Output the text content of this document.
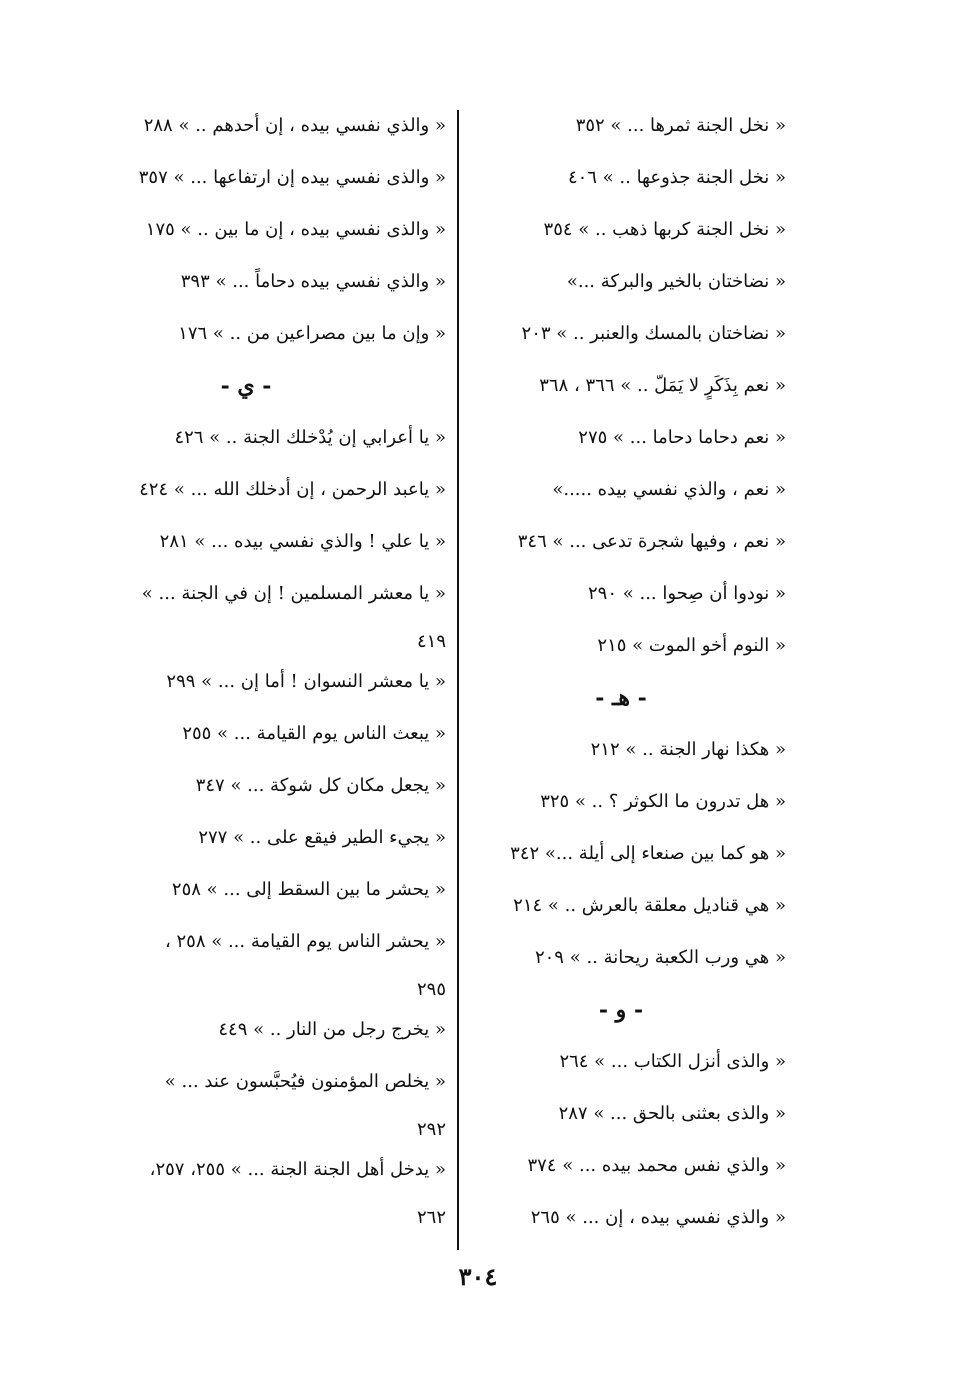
« نخل الجنة ثمرها ... » ٣٥٢
« نخل الجنة جذوعها .. » ٤٠٦
« نخل الجنة كربها ذهب .. » ٣٥٤
« نضاختان بالخير والبركة ...»
« نضاختان بالمسك والعنبر .. » ٢٠٣
« نعم بِذَكَرٍ لا يَمَلّ .. » ٣٦٦ ، ٣٦٨
« نعم دحاما دحاما ... » ٢٧٥
« نعم ، والذي نفسي بيده .....»
« نعم ، وفيها شجرة تدعى ... » ٣٤٦
« نودوا أن صِحوا ... » ٢٩٠
« النوم أخو الموت » ٢١٥
- هـ -
« هكذا نهار الجنة .. » ٢١٢
« هل تدرون ما الكوثر ؟ .. » ٣٢٥
« هو كما بين صنعاء إلى أيلة ...» ٣٤٢
« هي قناديل معلقة بالعرش .. » ٢١٤
« هي ورب الكعبة ريحانة .. » ٢٠٩
- و -
« والذى أنزل الكتاب ... » ٢٦٤
« والذى بعثنى بالحق ... » ٢٨٧
« والذي نفس محمد بيده ... » ٣٧٤
« والذي نفسي بيده ، إن ... » ٢٦٥
« والذي نفسي بيده ، إن أحدهم .. » ٢٨٨
« والذى نفسي بيده إن ارتفاعها ... » ٣٥٧
« والذى نفسي بيده ، إن ما بين .. » ١٧٥
« والذي نفسي بيده دحاماً ... » ٣٩٣
« وإن ما بين مصراعين من .. » ١٧٦
- ي -
« يا أعرابي إن يُدْخلك الجنة .. » ٤٢٦
« ياعبد الرحمن ، إن أدخلك الله ... » ٤٢٤
« يا علي ! والذي نفسي بيده ... » ٢٨١
« يا معشر المسلمين ! إن في الجنة ... »
٤١٩
« يا معشر النسوان ! أما إن ... » ٢٩٩
« يبعث الناس يوم القيامة ... » ٢٥٥
« يجعل مكان كل شوكة ... » ٣٤٧
« يجيء الطير فيقع على .. » ٢٧٧
« يحشر ما بين السقط إلى ... » ٢٥٨
« يحشر الناس يوم القيامة ... » ٢٥٨ ،
٢٩٥
« يخرج رجل من النار .. » ٤٤٩
« يخلص المؤمنون فيُحبَّسون عند ... »
٢٩٢
« يدخل أهل الجنة الجنة ... » ٢٥٥، ٢٥٧،
٢٦٢
٣٠٤
